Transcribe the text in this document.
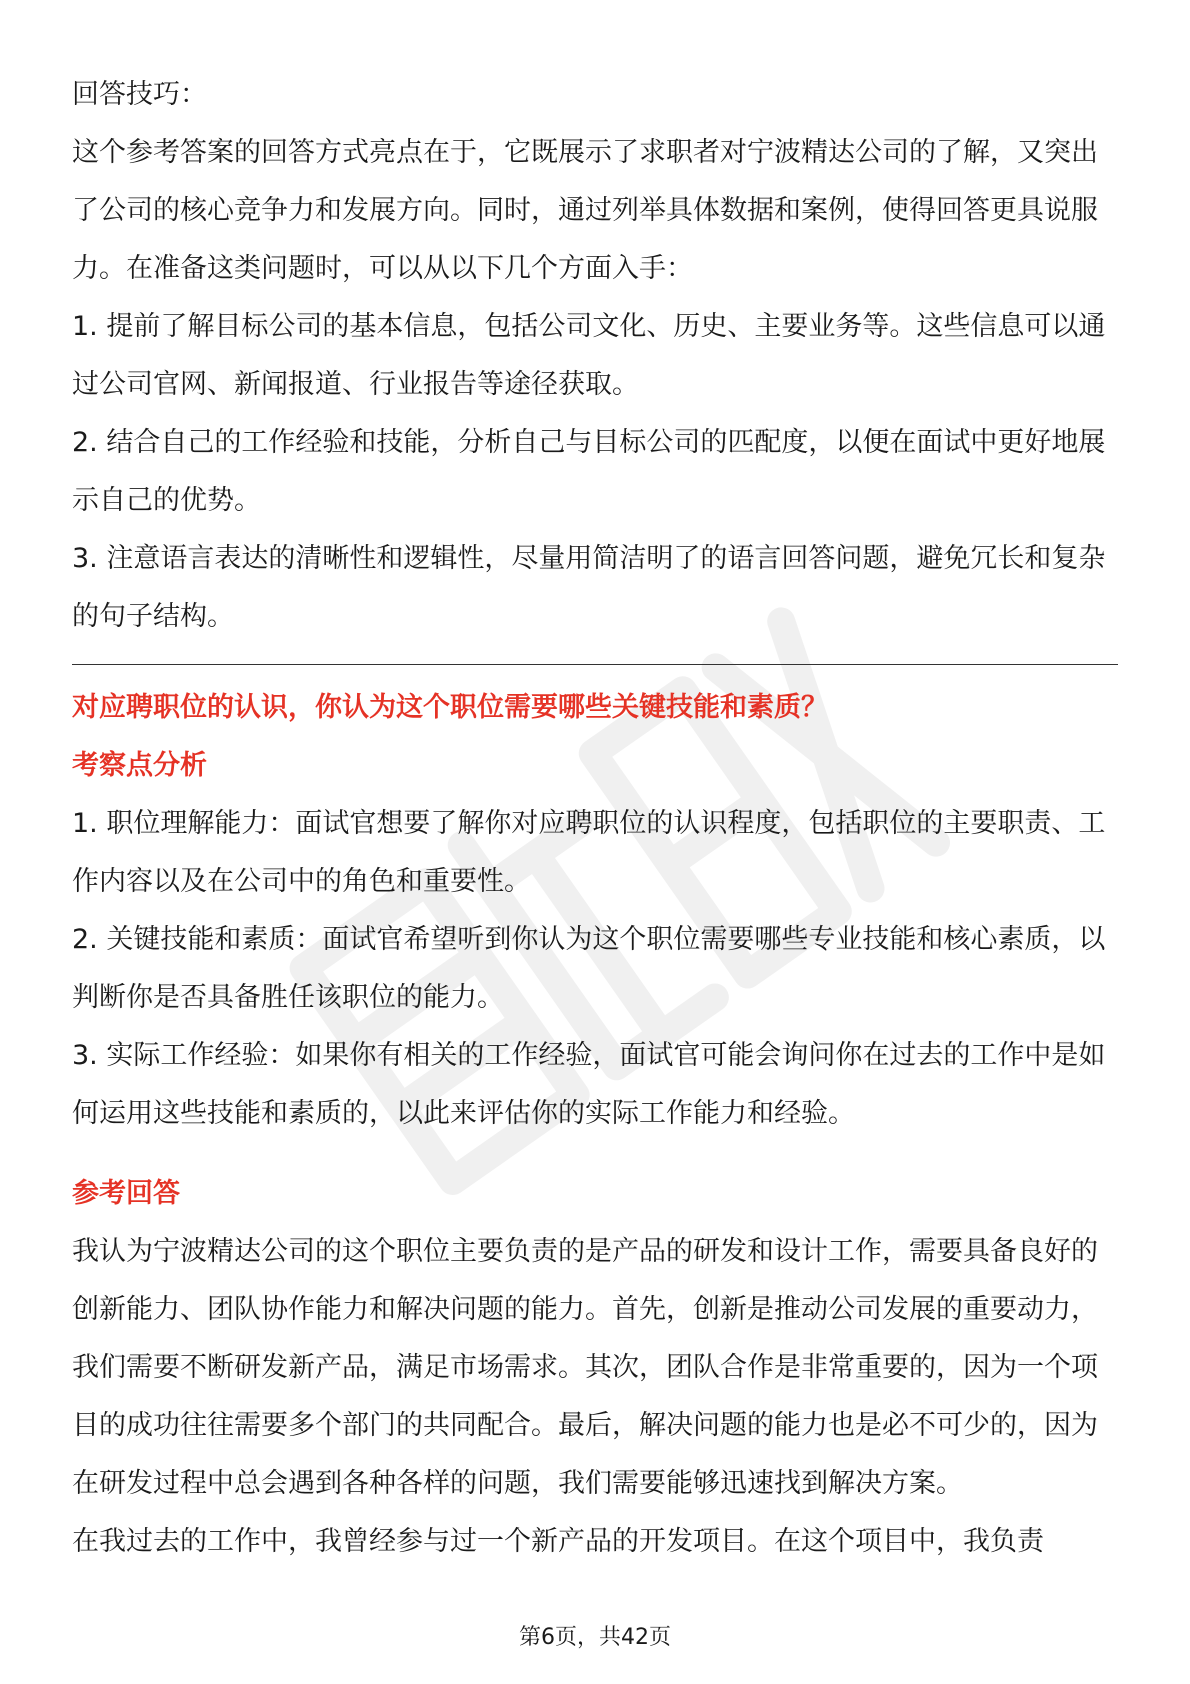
回答技巧：

这个参考答案的回答方式亮点在于，它既展示了求职者对宁波精达公司的了解，又突出了公司的核心竞争力和发展方向。同时，通过列举具体数据和案例，使得回答更具说服力。在准备这类问题时，可以从以下几个方面入手：

1. 提前了解目标公司的基本信息，包括公司文化、历史、主要业务等。这些信息可以通过公司官网、新闻报道、行业报告等途径获取。

2. 结合自己的工作经验和技能，分析自己与目标公司的匹配度，以便在面试中更好地展示自己的优势。

3. 注意语言表达的清晰性和逻辑性，尽量用简洁明了的语言回答问题，避免冗长和复杂的句子结构。

对应聘职位的认识，你认为这个职位需要哪些关键技能和素质？

考察点分析

1. 职位理解能力：面试官想要了解你对应聘职位的认识程度，包括职位的主要职责、工作内容以及在公司中的角色和重要性。

2. 关键技能和素质：面试官希望听到你认为这个职位需要哪些专业技能和核心素质，以判断你是否具备胜任该职位的能力。

3. 实际工作经验：如果你有相关的工作经验，面试官可能会询问你在过去的工作中是如何运用这些技能和素质的，以此来评估你的实际工作能力和经验。

参考回答

我认为宁波精达公司的这个职位主要负责的是产品的研发和设计工作，需要具备良好的创新能力、团队协作能力和解决问题的能力。首先，创新是推动公司发展的重要动力，我们需要不断研发新产品，满足市场需求。其次，团队合作是非常重要的，因为一个项目的成功往往需要多个部门的共同配合。最后，解决问题的能力也是必不可少的，因为在研发过程中总会遇到各种各样的问题，我们需要能够迅速找到解决方案。

在我过去的工作中，我曾经参与过一个新产品的开发项目。在这个项目中，我负责

第6页，共42页
